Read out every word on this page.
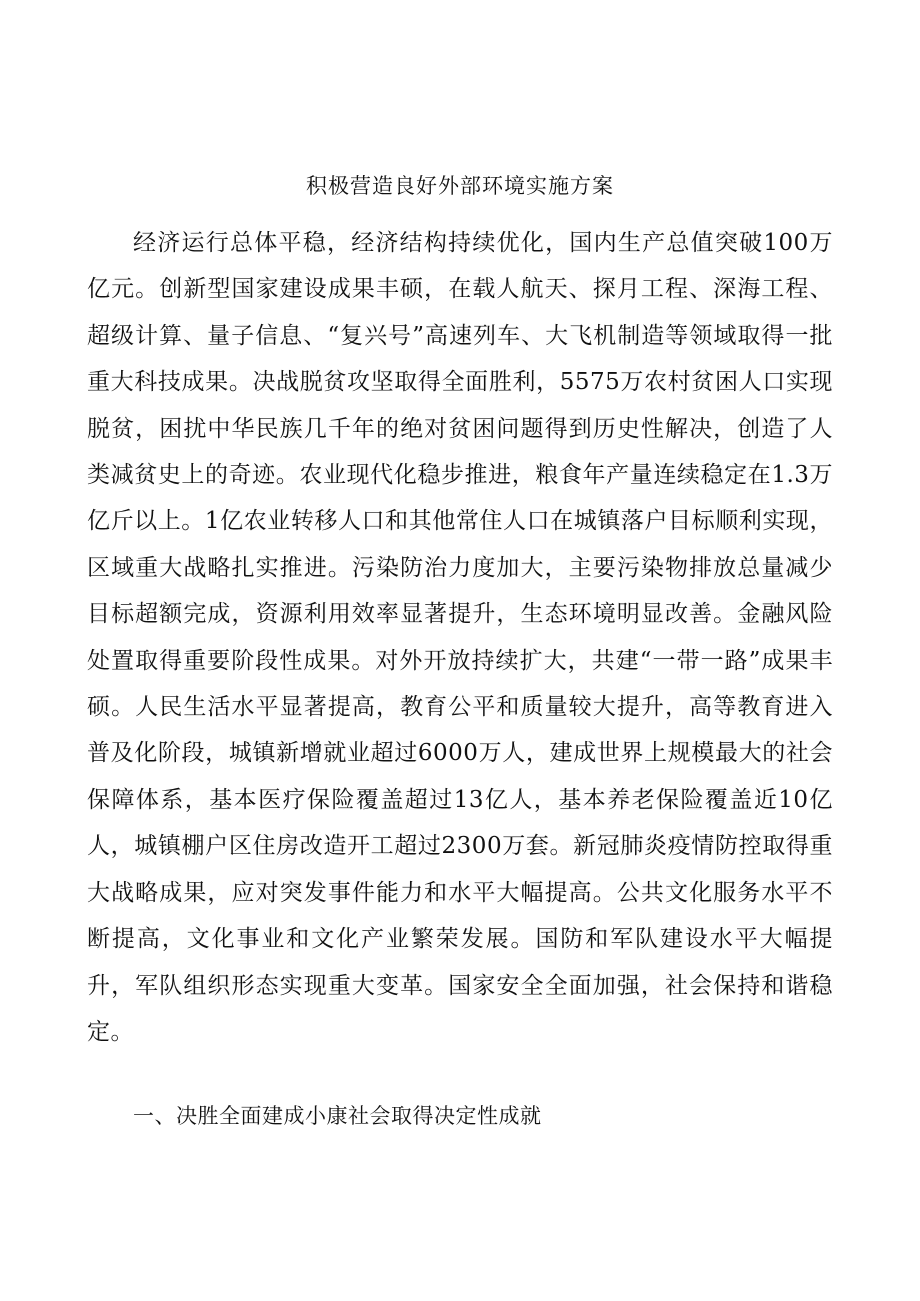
积极营造良好外部环境实施方案

经济运行总体平稳，经济结构持续优化，国内生产总值突破100万亿元。创新型国家建设成果丰硕，在载人航天、探月工程、深海工程、超级计算、量子信息、“复兴号”高速列车、大飞机制造等领域取得一批重大科技成果。决战脱贫攻坚取得全面胜利，5575万农村贫困人口实现脱贫，困扰中华民族几千年的绝对贫困问题得到历史性解决，创造了人类减贫史上的奇迹。农业现代化稳步推进，粮食年产量连续稳定在1.3万亿斤以上。1亿农业转移人口和其他常住人口在城镇落户目标顺利实现，区域重大战略扎实推进。污染防治力度加大，主要污染物排放总量减少目标超额完成，资源利用效率显著提升，生态环境明显改善。金融风险处置取得重要阶段性成果。对外开放持续扩大，共建“一带一路”成果丰硕。人民生活水平显著提高，教育公平和质量较大提升，高等教育进入普及化阶段，城镇新增就业超过6000万人，建成世界上规模最大的社会保障体系，基本医疗保险覆盖超过13亿人，基本养老保险覆盖近10亿人，城镇棚户区住房改造开工超过2300万套。新冠肺炎疫情防控取得重大战略成果，应对突发事件能力和水平大幅提高。公共文化服务水平不断提高，文化事业和文化产业繁荣发展。国防和军队建设水平大幅提升，军队组织形态实现重大变革。国家安全全面加强，社会保持和谐稳定。

一、决胜全面建成小康社会取得决定性成就
